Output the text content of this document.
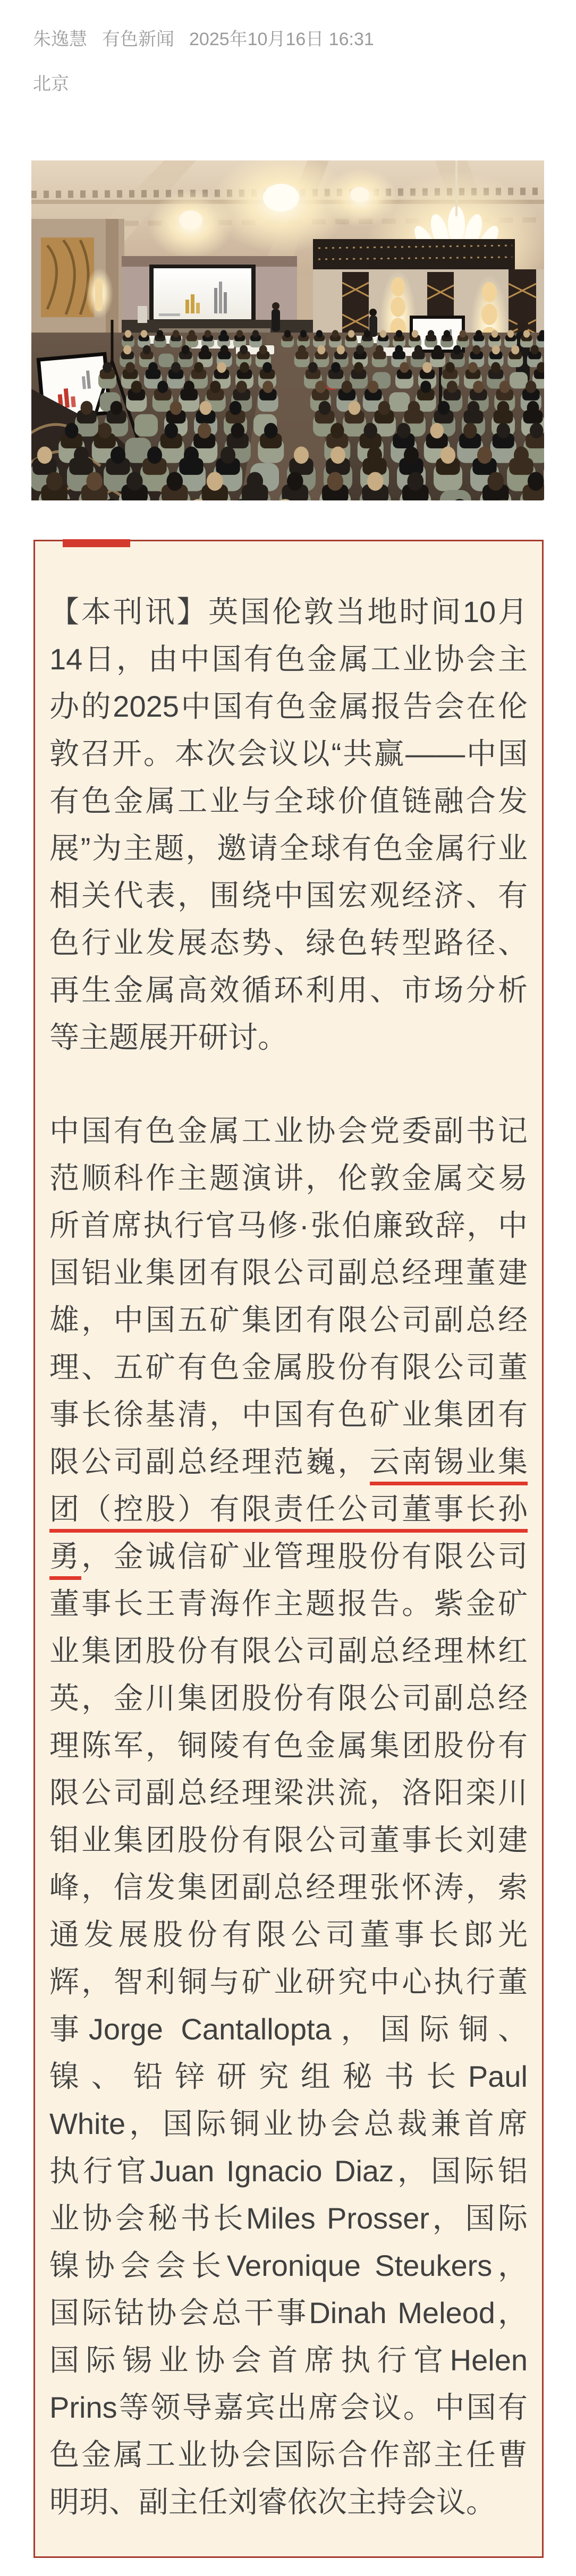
朱逸慧 有色新闻 2025年10月16日 16:31
北京
【本刊讯】英国伦敦当地时间10月
14日，由中国有色金属工业协会主
办的2025中国有色金属报告会在伦
敦召开。本次会议以“共赢——中国
有色金属工业与全球价值链融合发
展”为主题，邀请全球有色金属行业
相关代表，围绕中国宏观经济、有
色行业发展态势、绿色转型路径、
再生金属高效循环利用、市场分析
等主题展开研讨。
中国有色金属工业协会党委副书记
范顺科作主题演讲，伦敦金属交易
所首席执行官马修·张伯廉致辞，中
国铝业集团有限公司副总经理董建
雄，中国五矿集团有限公司副总经
理、五矿有色金属股份有限公司董
事长徐基清，中国有色矿业集团有
限公司副总经理范巍，云南锡业集
团（控股）有限责任公司董事长孙
勇，金诚信矿业管理股份有限公司
董事长王青海作主题报告。紫金矿
业集团股份有限公司副总经理林红
英，金川集团股份有限公司副总经
理陈军，铜陵有色金属集团股份有
限公司副总经理梁洪流，洛阳栾川
钼业集团股份有限公司董事长刘建
峰，信发集团副总经理张怀涛，索
通发展股份有限公司董事长郎光
辉，智利铜与矿业研究中心执行董
事Jorge Cantallopta，国际铜、
镍、铅锌研究组秘书长Paul
White，国际铜业协会总裁兼首席
执行官Juan Ignacio Diaz，国际铝
业协会秘书长Miles Prosser，国际
镍协会会长Veronique Steukers，
国际钴协会总干事Dinah Meleod，
国际锡业协会首席执行官Helen
Prins等领导嘉宾出席会议。中国有
色金属工业协会国际合作部主任曹
明玥、副主任刘睿依次主持会议。
